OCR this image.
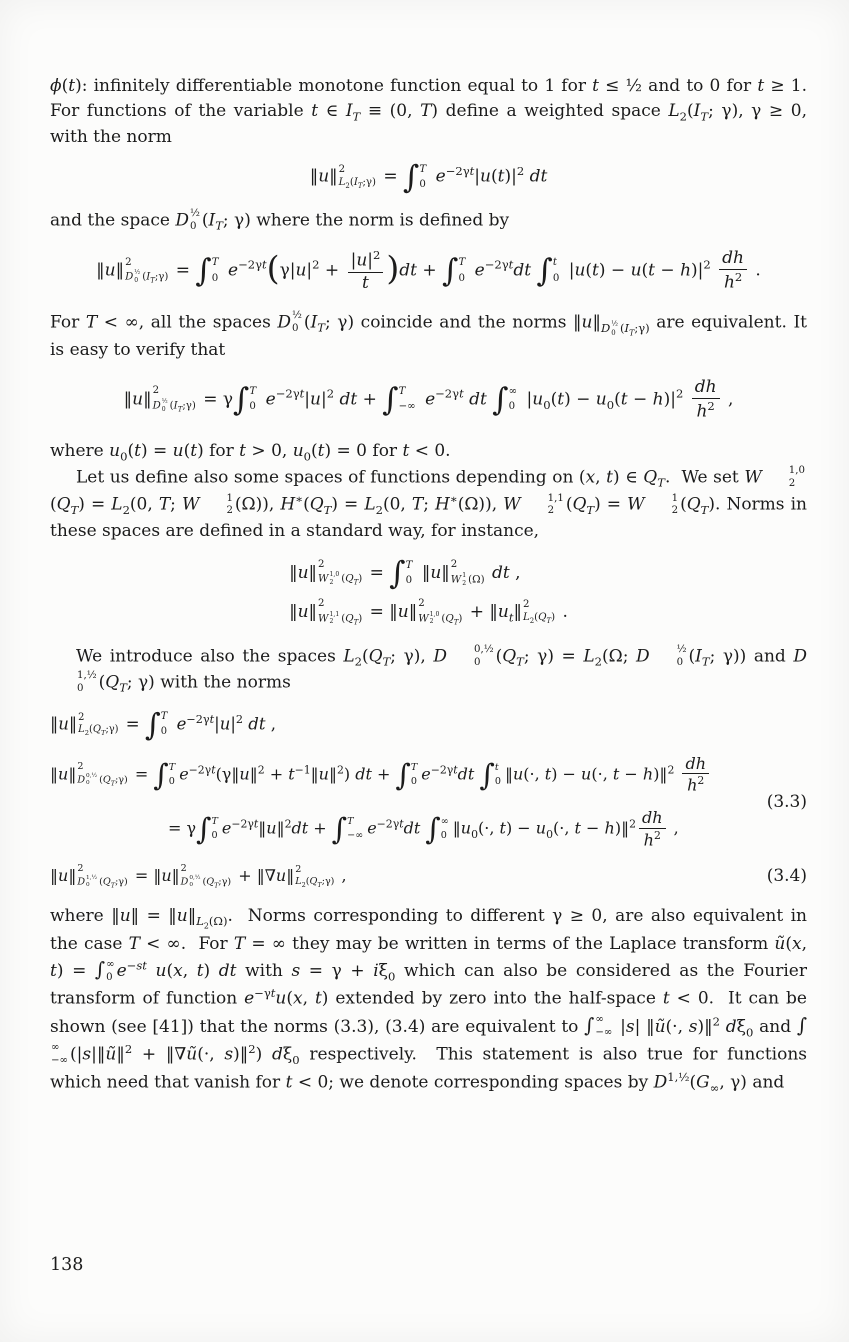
ϕ(t): infinitely differentiable monotone function equal to 1 for t ≤ ½ and to 0 for t ≥ 1. For functions of the variable t ∈ $I_T \equiv (0$, T) define a weighted space $L_2(I_T$; γ), γ ≥ 0, with the norm

‖u‖ 2
$L_2(I_T;\gamma)$ = ∫ T
0 $e^{-2\gamma t}|u(t)|^2$ dt

and the space D ½
0 ($I_T$; γ) where the norm is defined by

‖u‖ 2
D ½
0 $(I_T;\gamma)$ = ∫ T
0 $e^{-2\gamma t}(\gamma|u|^2 + \frac{|u|^2}{t} )dt$ + ∫ T
0 $e^{-2\gamma t}dt$ ∫ t
0 $|u(t) - u(t - h)|^2 \frac{dh}{h^2}$ .

For T < ∞, all the spaces D ½
0 ($I_T$; γ) coincide and the norms $‖u‖_{D \frac{1}{2} 0 (I_T;\gamma)}$ are equivalent. It is easy to verify that

‖u‖ 2
D ½
0 $(I_T;\gamma) = \gamma\int$ T
0 $e^{-2\gamma t}|u|^2$ dt + ∫ T
−∞ $e^{-2\gamma t}$ dt ∫ ∞
0 $|u_0(t) - u_0(t - h)|^2 \frac{dh}{h^2}$ ,

where $u_0(t) = u(t)$ for t > 0, $u_0(t) = 0$ for t < 0.

Let us define also some spaces of functions depending on (x, t) ∈ $Q_T$.  We set W	1,0
2
$(Q_T) = L_2(0$, T; W	1
2 (Ω)), $H^∗(Q_T) = L_2(0$, T; H∗(Ω)), W	1,1
2 $(Q_T) = W$	1
2 $(Q_T)$. Norms in these spaces are defined in a standard way, for instance,

‖u‖ 2
W 1,0
2 $(Q_T)$ = ∫ T
0 ‖u‖ 2
W 1
2 (Ω) dt ,
‖u‖ 2
W 1,1
2 $(Q_T)$ = ‖u‖ 2
W 1,0
2 $(Q_T)$ + $‖u_t‖$ 2
$L_2(Q_T)$ .

We introduce also the spaces $L_2(Q_T$; γ), D	0,½
0 ($Q_T$; $\gamma) = L_2(\Omega$; D	½
0 ($I_T$; γ)) and D
1,½
0 ($Q_T$; γ) with the norms

‖u‖ 2
$L_2(Q_T;\gamma)$ = ∫ T
0 $e^{-2\gamma t}|u|^2$ dt ,
‖u‖ 2
D 0,½
0 $(Q_T;\gamma)$ = ∫ T
0 $e^{-2\gamma t}(\gamma‖u‖^2$ + $t^{-1}‖u‖^2$) dt + ∫ T
0 $e^{-2\gamma t}dt$ ∫ t
0 ‖u(·, t) − u(·, t − h)‖$^2$ $\frac{dh}{h^2}$
= γ∫ T
0 $e^{-2\gamma t}‖u‖^2dt$ + ∫ T
−∞ $e^{-2\gamma t}dt$ ∫ ∞
0 $‖u_0(\cdot$, $t) - u_0(\cdot$, t − h)‖$^2$ $\frac{dh}{h^2}$ ,
(3.3)
‖u‖ 2
D 1,½
0 $(Q_T;\gamma)$ = ‖u‖ 2
D 0,½
0 $(Q_T;\gamma)$ + ‖∇u‖ 2
$L_2(Q_T;\gamma)$ ,	(3.4)

where ‖u‖ = $‖u‖_{L_2(\Omega)}$.  Norms corresponding to different γ ≥ 0, are also equivalent in the case T < ∞.  For T = ∞ they may be written in terms of the Laplace transform ũ(x, t) = ∫ ∞
0 $e^{-st}$ u(x, t) dt with $s = \gamma + i\xi_0$ which can also be considered as the Fourier transform of function $e^{-\gamma t}u(x$, t) extended by zero into the half-space t < 0.  It can be shown (see [41]) that the norms (3.3), (3.4) are equivalent to ∫ ∞
−∞ |s| ‖ũ(·, s)‖$^2$ $d\xi_0$ and ∫
∞
−∞ (|s|‖ũ‖$^2$ + ‖∇ũ(·, s)‖$^2$) $d\xi_0$ respectively.  This statement is also true for functions which need that vanish for t < 0; we denote corresponding spaces by $D^{1,\frac{1}{2}}(G_\infty$, γ) and

138
